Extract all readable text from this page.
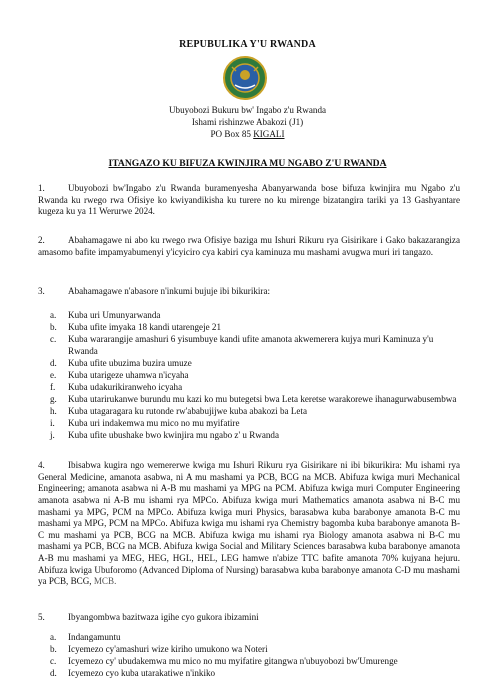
REPUBULIKA Y'U RWANDA
Ubuyobozi Bukuru bw' Ingabo z'u Rwanda
Ishami rishinzwe Abakozi (J1)
PO Box 85 KIGALI
ITANGAZO KU BIFUZA KWINJIRA MU NGABO Z'U RWANDA
1.	Ubuyobozi bw'Ingabo z'u Rwanda buramenyesha Abanyarwanda bose bifuza kwinjira mu Ngabo z'u Rwanda ku rwego rwa Ofisiye ko kwiyandikisha ku turere no ku mirenge bizatangira tariki ya 13 Gashyantare kugeza ku ya 11 Werurwe 2024.
2.	Abahamagawe ni abo ku rwego rwa Ofisiye baziga mu Ishuri Rikuru rya Gisirikare i Gako bakazarangiza amasomo bafite impamyabumenyi y'icyiciro cya kabiri cya kaminuza mu mashami avugwa muri iri tangazo.
3.	Abahamagawe n'abasore n'inkumi bujuje ibi bikurikira:
a. Kuba uri Umunyarwanda
b. Kuba ufite imyaka 18 kandi utarengeje 21
c. Kuba wararangije amashuri 6 yisumbuye kandi ufite amanota akwemerera kujya muri Kaminuza y'u Rwanda
d. Kuba ufite ubuzima buzira umuze
e. Kuba utarigeze uhamwa n'icyaha
f. Kuba udakurikiranweho icyaha
g. Kuba utarirukanwe burundu mu kazi ko mu butegetsi bwa Leta keretse warakorewe ihanagurwabusembwa
h. Kuba utagaragara ku rutonde rw'ababujijwe kuba abakozi ba Leta
i. Kuba uri indakemwa mu mico no mu myifatire
j. Kuba ufite ubushake bwo kwinjira mu ngabo z' u Rwanda
4.	Ibisabwa kugira ngo wemererwe kwiga mu Ishuri Rikuru rya Gisirikare ni ibi bikurikira: Mu ishami rya General Medicine, amanota asabwa, ni A mu mashami ya PCB, BCG na MCB. Abifuza kwiga muri Mechanical Engineering; amanota asabwa ni A-B mu mashami ya MPG na PCM. Abifuza kwiga muri Computer Engineering amanota asabwa ni A-B mu ishami rya MPCo. Abifuza kwiga muri Mathematics amanota asabwa ni B-C mu mashami ya MPG, PCM na MPCo. Abifuza kwiga muri Physics, barasabwa kuba barabonye amanota B-C mu mashami ya MPG, PCM na MPCo. Abifuza kwiga mu ishami rya Chemistry bagomba kuba barabonye amanota B-C mu mashami ya PCB, BCG na MCB. Abifuza kwiga mu ishami rya Biology amanota asabwa ni B-C mu mashami ya PCB, BCG na MCB. Abifuza kwiga Social and Military Sciences barasabwa kuba barabonye amanota A-B mu mashami ya MEG, HEG, HGL, HEL, LEG hamwe n'abize TTC bafite amanota 70% kujyana hejuru. Abifuza kwiga Ubuforomo (Advanced Diploma of Nursing) barasabwa kuba barabonye amanota C-D mu mashami ya PCB, BCG, MCB.
5.	Ibyangombwa bazitwaza igihe cyo gukora ibizamini
a. Indangamuntu
b. Icyemezo cy'amashuri wize kiriho umukono wa Noteri
c. Icyemezo cy' ubudakemwa mu mico no mu myifatire gitangwa n'ubuyobozi bw'Umurenge
d. Icyemezo cyo kuba utarakatiwe n'inkiko
